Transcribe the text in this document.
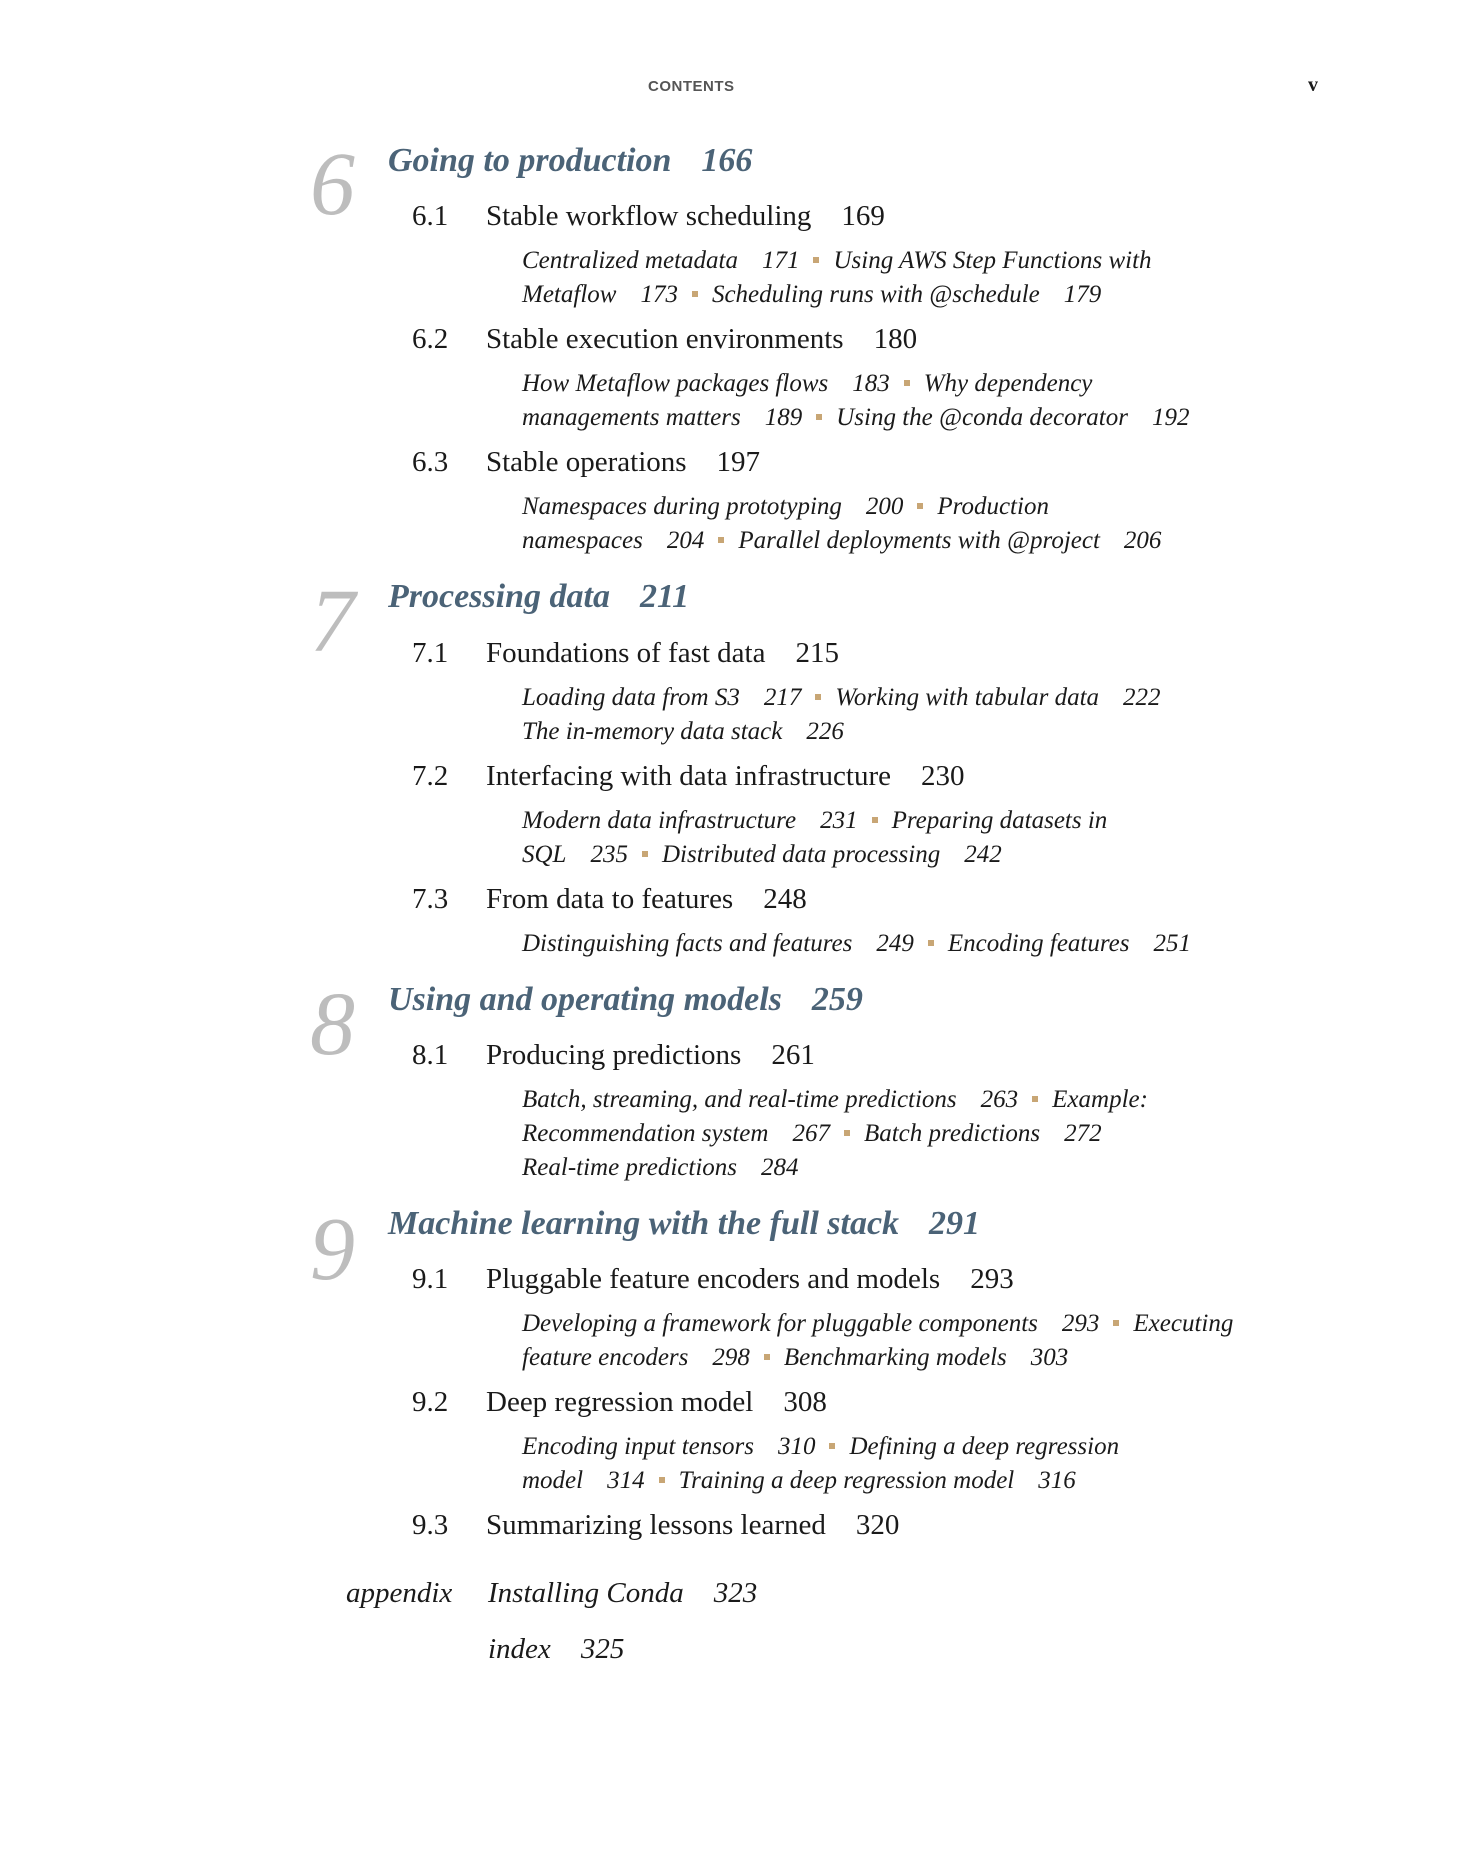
CONTENTS	v
6 Going to production 166
6.1 Stable workflow scheduling 169
Centralized metadata 171 Using AWS Step Functions with
Metaflow 173 Scheduling runs with @schedule 179
6.2 Stable execution environments 180
How Metaflow packages flows 183 Why dependency
managements matters 189 Using the @conda decorator 192
6.3 Stable operations 197
Namespaces during prototyping 200 Production
namespaces 204 Parallel deployments with @project 206
7 Processing data 211
7.1 Foundations of fast data 215
Loading data from S3 217 Working with tabular data 222
The in-memory data stack 226
7.2 Interfacing with data infrastructure 230
Modern data infrastructure 231 Preparing datasets in
SQL 235 Distributed data processing 242
7.3 From data to features 248
Distinguishing facts and features 249 Encoding features 251
8 Using and operating models 259
8.1 Producing predictions 261
Batch, streaming, and real-time predictions 263 Example:
Recommendation system 267 Batch predictions 272
Real-time predictions 284
9 Machine learning with the full stack 291
9.1 Pluggable feature encoders and models 293
Developing a framework for pluggable components 293 Executing
feature encoders 298 Benchmarking models 303
9.2 Deep regression model 308
Encoding input tensors 310 Defining a deep regression
model 314 Training a deep regression model 316
9.3 Summarizing lessons learned 320
appendix Installing Conda 323
index 325
